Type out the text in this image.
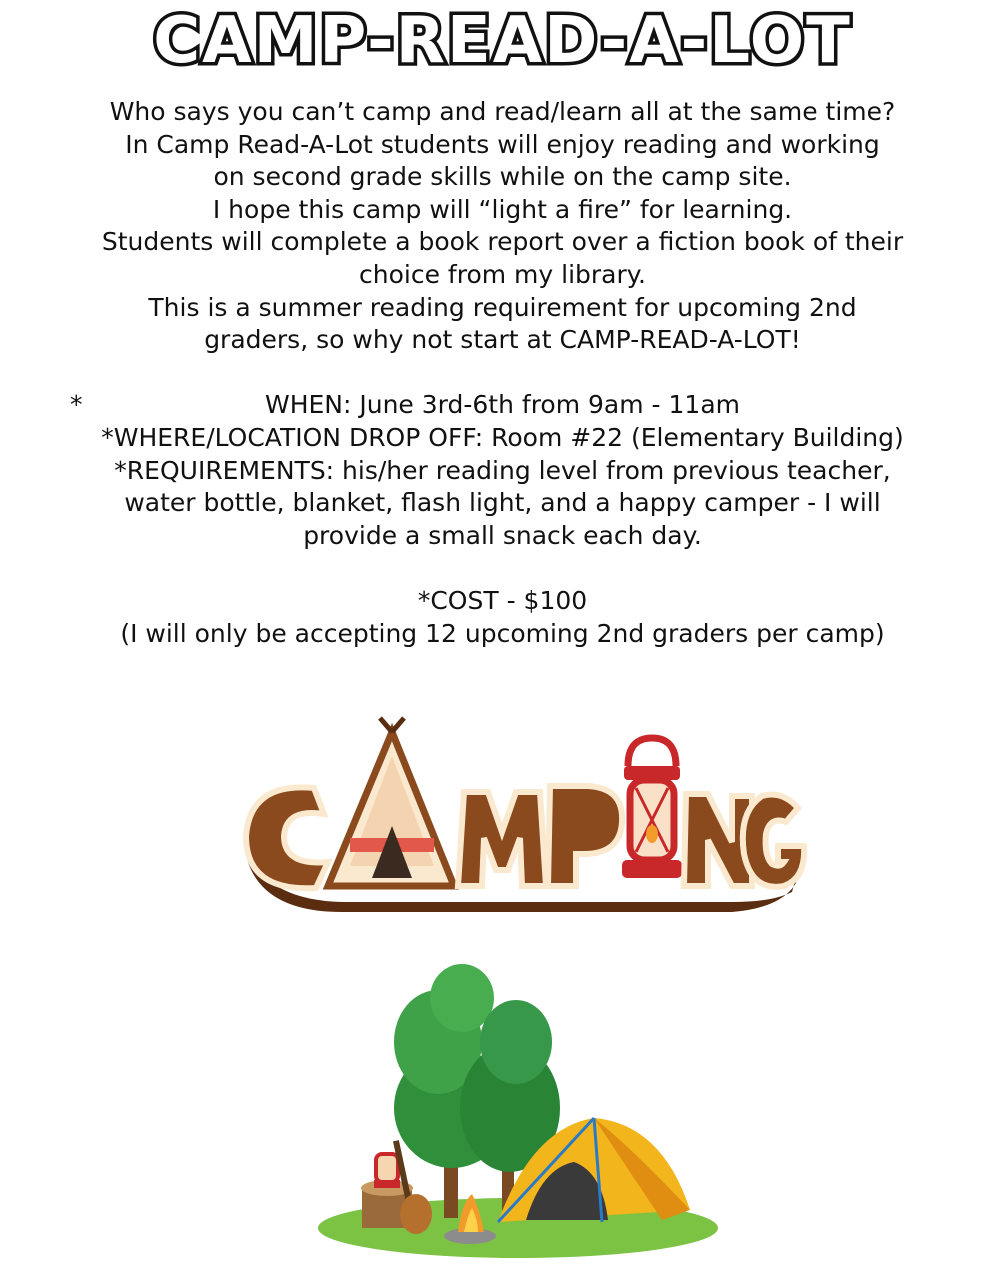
CAMP-READ-A-LOT

Who says you can’t camp and read/learn all at the same time?

In Camp Read-A-Lot students will enjoy reading and working

on second grade skills while on the camp site.

I hope this camp will “light a fire” for learning.

Students will complete a book report over a fiction book of their

choice from my library.

This is a summer reading requirement for upcoming 2nd

graders, so why not start at CAMP-READ-A-LOT!

*	WHEN: June 3rd-6th from 9am - 11am

*WHERE/LOCATION DROP OFF: Room #22 (Elementary Building)

*REQUIREMENTS: his/her reading level from previous teacher,

water bottle, blanket, flash light, and a happy camper - I will

provide a small snack each day.

*COST - $100

(I will only be accepting 12 upcoming 2nd graders per camp)
